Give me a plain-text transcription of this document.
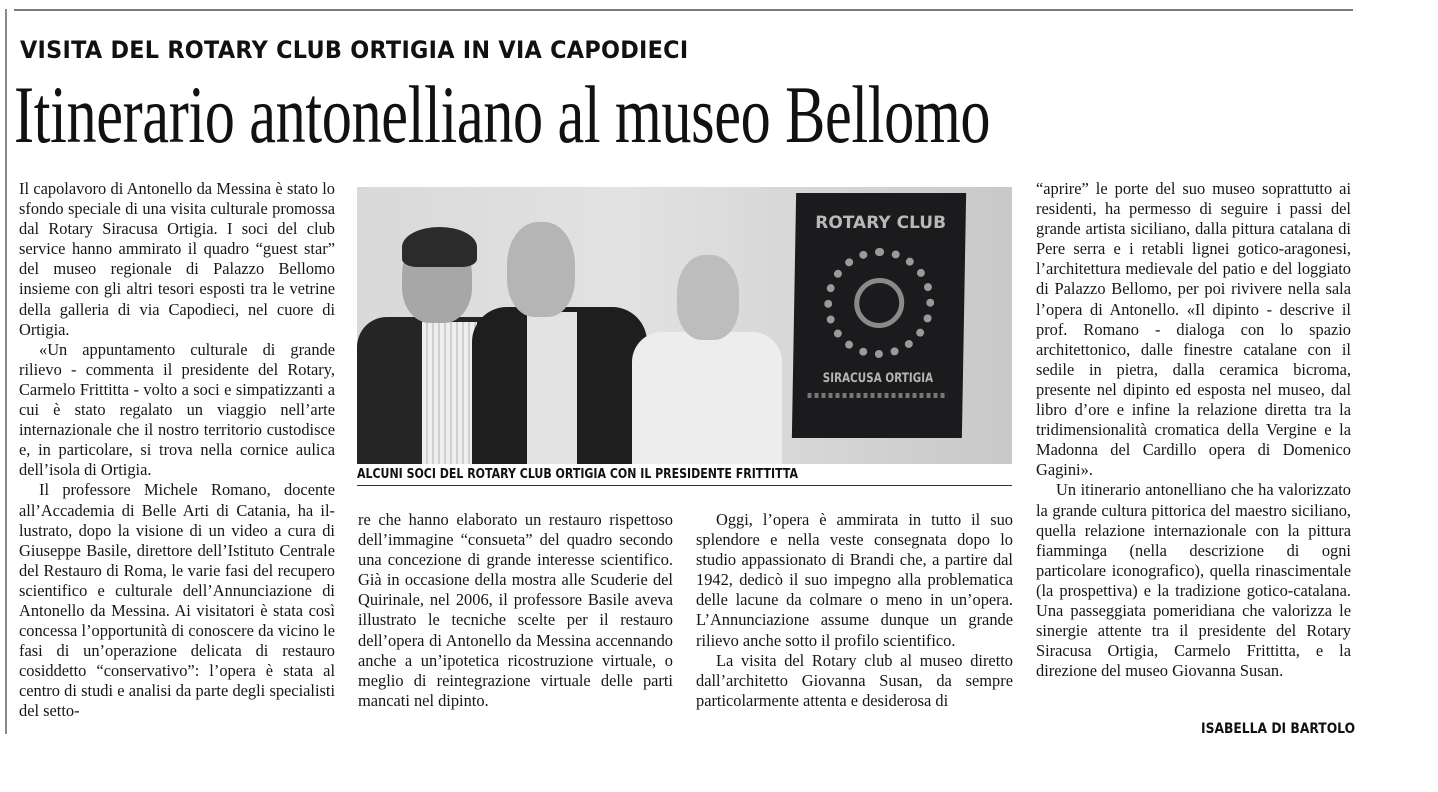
VISITA DEL ROTARY CLUB ORTIGIA IN VIA CAPODIECI
Itinerario antonelliano al museo Bellomo

Il capolavoro di Antonello da Messina è stato lo sfondo speciale di una visita culturale promossa dal Rotary Siracusa Ortigia. I soci del club service hanno ammirato il quadro “guest star” del museo regionale di Palazzo Bellomo insieme con gli altri tesori esposti tra le vetrine della galleria di via Capodieci, nel cuore di Ortigia.

«Un appuntamento culturale di grande rilievo - commenta il presidente del Rotary, Carmelo Frittitta - volto a soci e simpatizzanti a cui è stato regalato un viaggio nell’arte internazionale che il nostro territorio custodisce e, in particolare, si trova nella cornice aulica dell’isola di Ortigia.

Il professore Michele Romano, docente all’Accademia di Belle Arti di Catania, ha illustrato, dopo la visione di un video a cura di Giuseppe Basile, direttore dell’Istituto Centrale del Restauro di Roma, le varie fasi del recupero scientifico e culturale dell’Annunciazione di Antonello da Messina. Ai visitatori è stata così concessa l’opportunità di conoscere da vicino le fasi di un’operazione delicata di restauro cosiddetto “conservativo”: l’opera è stata al centro di studi e analisi da parte degli specialisti del setto-

ROTARY CLUB
SIRACUSA ORTIGIA
ALCUNI SOCI DEL ROTARY CLUB ORTIGIA CON IL PRESIDENTE FRITTITTA

re che hanno elaborato un restauro rispettoso dell’immagine “consueta” del quadro secondo una concezione di grande interesse scientifico. Già in occasione della mostra alle Scuderie del Quirinale, nel 2006, il professore Basile aveva illustrato le tecniche scelte per il restauro dell’opera di Antonello da Messina accennando anche a un’ipotetica ricostruzione virtuale, o meglio di reintegrazione virtuale delle parti mancati nel dipinto.

Oggi, l’opera è ammirata in tutto il suo splendore e nella veste consegnata dopo lo studio appassionato di Brandi che, a partire dal 1942, dedicò il suo impegno alla problematica delle lacune da colmare o meno in un’opera. L’Annunciazione assume dunque un grande rilievo anche sotto il profilo scientifico.

La visita del Rotary club al museo diretto dall’architetto Giovanna Susan, da sempre particolarmente attenta e desiderosa di

“aprire” le porte del suo museo soprattutto ai residenti, ha permesso di seguire i passi del grande artista siciliano, dalla pittura catalana di Pere serra e i retabli lignei gotico-aragonesi, l’architettura medievale del patio e del loggiato di Palazzo Bellomo, per poi rivivere nella sala l’opera di Antonello. «Il dipinto - descrive il prof. Romano - dialoga con lo spazio architettonico, dalle finestre catalane con il sedile in pietra, dalla ceramica bicroma, presente nel dipinto ed esposta nel museo, dal libro d’ore e infine la relazione diretta tra la tridimensionalità cromatica della Vergine e la Madonna del Cardillo opera di Domenico Gagini».

Un itinerario antonelliano che ha valorizzato la grande cultura pittorica del maestro siciliano, quella relazione internazionale con la pittura fiamminga (nella descrizione di ogni particolare iconografico), quella rinascimentale (la prospettiva) e la tradizione gotico-catalana. Una passeggiata pomeridiana che valorizza le sinergie attente tra il presidente del Rotary Siracusa Ortigia, Carmelo Frittitta, e la direzione del museo Giovanna Susan.

ISABELLA DI BARTOLO
